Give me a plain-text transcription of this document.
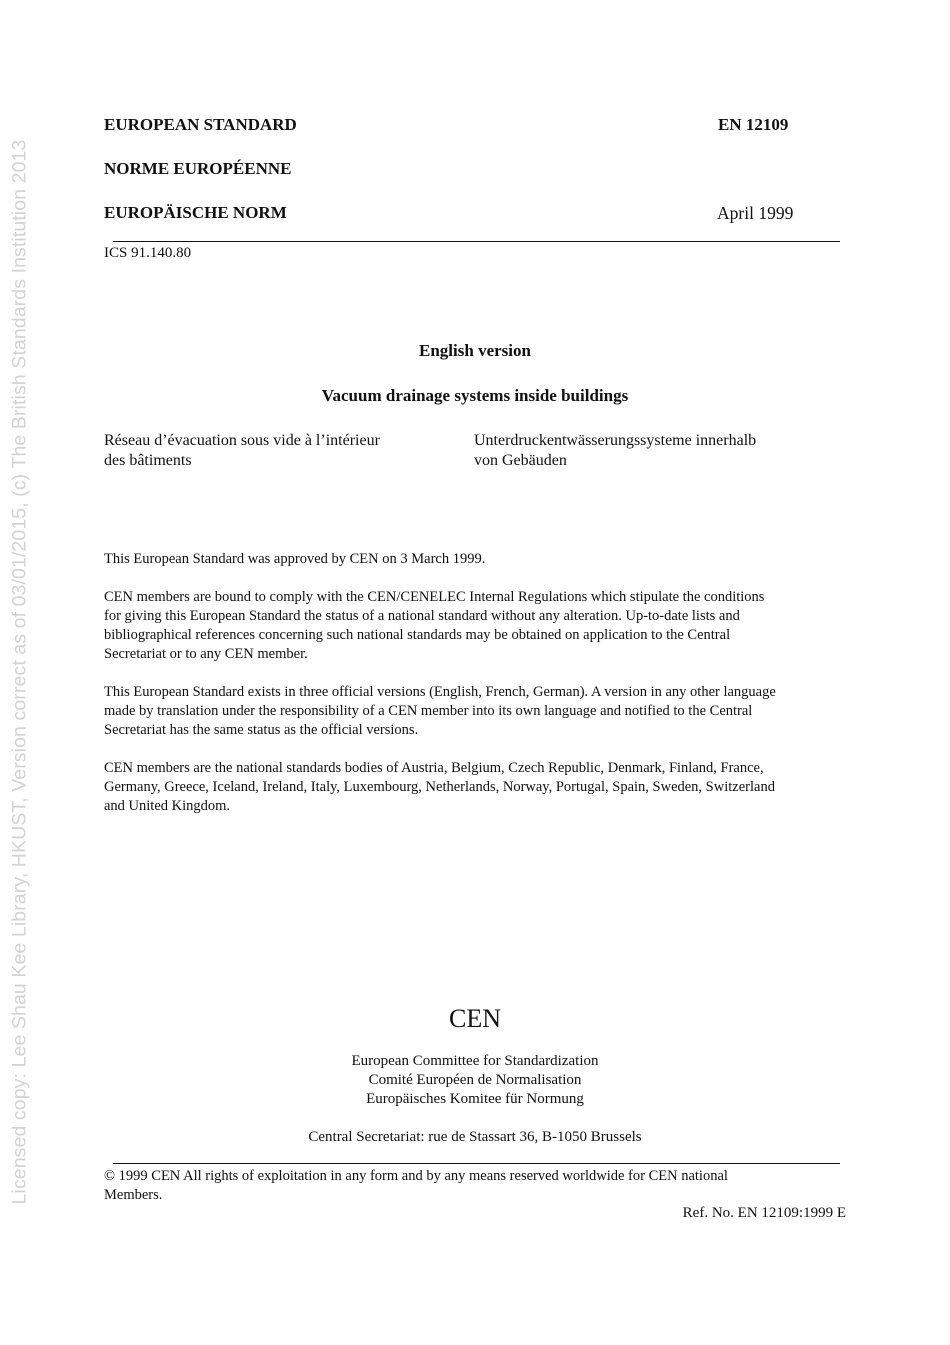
Licensed copy: Lee Shau Kee Library, HKUST, Version correct as of 03/01/2015, (c) The British Standards Institution 2013
EUROPEAN STANDARD	EN 12109
NORME EUROPÉENNE
EUROPÄISCHE NORM	April 1999
ICS 91.140.80
English version
Vacuum drainage systems inside buildings
Réseau d’évacuation sous vide à l’intérieur
des bâtiments
Unterdruckentwässerungssysteme innerhalb
von Gebäuden
This European Standard was approved by CEN on 3 March 1999.
CEN members are bound to comply with the CEN/CENELEC Internal Regulations which stipulate the conditions
for giving this European Standard the status of a national standard without any alteration. Up-to-date lists and
bibliographical references concerning such national standards may be obtained on application to the Central
Secretariat or to any CEN member.
This European Standard exists in three official versions (English, French, German). A version in any other language
made by translation under the responsibility of a CEN member into its own language and notified to the Central
Secretariat has the same status as the official versions.
CEN members are the national standards bodies of Austria, Belgium, Czech Republic, Denmark, Finland, France,
Germany, Greece, Iceland, Ireland, Italy, Luxembourg, Netherlands, Norway, Portugal, Spain, Sweden, Switzerland
and United Kingdom.
CEN
European Committee for Standardization
Comité Européen de Normalisation
Europäisches Komitee für Normung
Central Secretariat: rue de Stassart 36, B-1050 Brussels
© 1999 CEN All rights of exploitation in any form and by any means reserved worldwide for CEN national
Members.
Ref. No. EN 12109:1999 E
